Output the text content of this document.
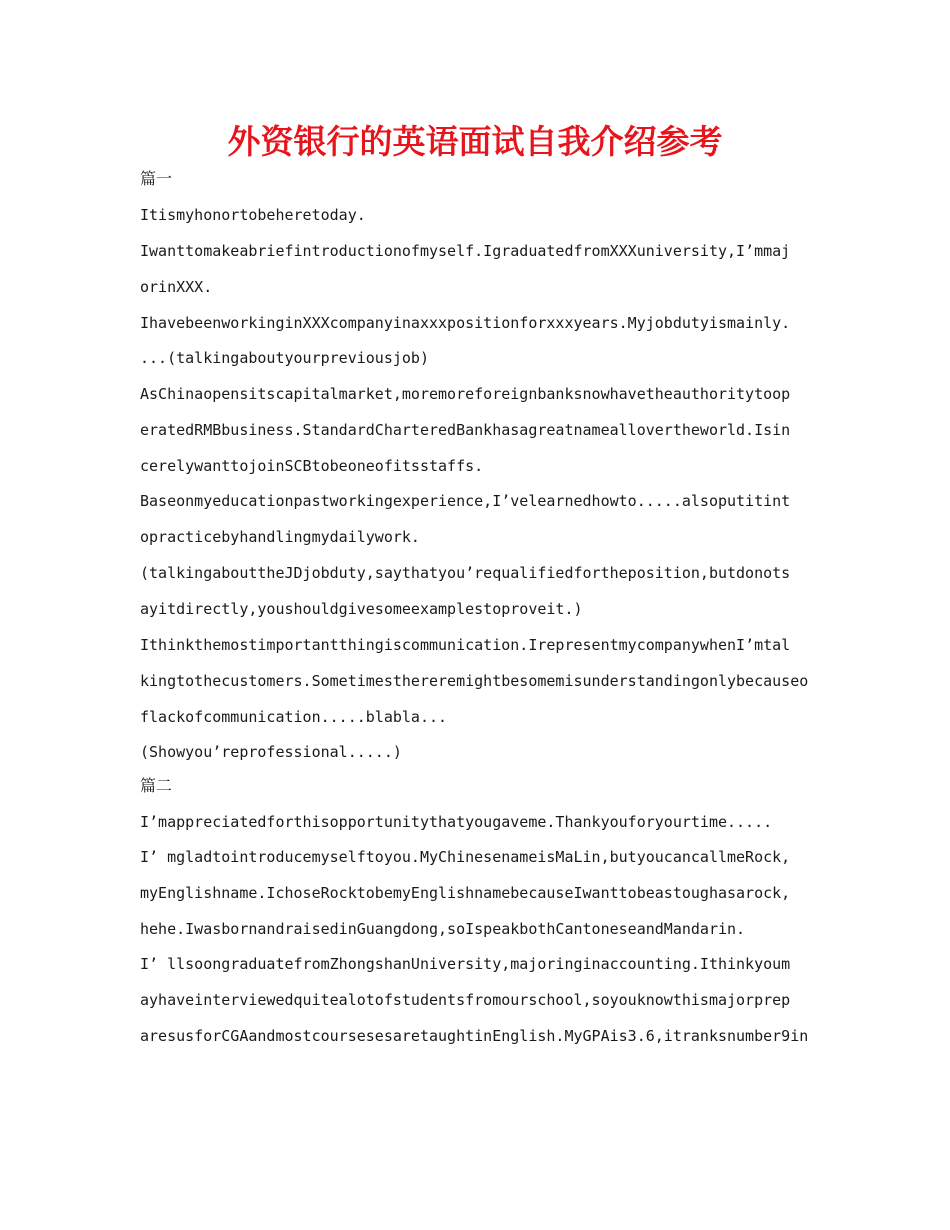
外资银行的英语面试自我介绍参考

篇一

Itismyhonortobeheretoday.

Iwanttomakeabriefintroductionofmyself.IgraduatedfromXXXuniversity,I’mmaj

orinXXX.

IhavebeenworkinginXXXcompanyinaxxxpositionforxxxyears.Myjobdutyismainly.

...(talkingaboutyourpreviousjob)

AsChinaopensitscapitalmarket,moremoreforeignbanksnowhavetheauthoritytoop

eratedRMBbusiness.StandardCharteredBankhasagreatnameallovertheworld.Isin

cerelywanttojoinSCBtobeoneofitsstaffs.

Baseonmyeducationpastworkingexperience,I’velearnedhowto.....alsoputitint

opracticebyhandlingmydailywork.

(talkingabouttheJDjobduty,saythatyou’requalifiedfortheposition,butdonots

ayitdirectly,youshouldgivesomeexamplestoproveit.)

Ithinkthemostimportantthingiscommunication.IrepresentmycompanywhenI’mtal

kingtothecustomers.Sometimesthereremightbesomemisunderstandingonlybecauseo

flackofcommunication.....blabla...

(Showyou’reprofessional.....)

篇二

I’mappreciatedforthisopportunitythatyougaveme.Thankyouforyourtime.....

I’ mgladtointroducemyselftoyou.MyChinesenameisMaLin,butyoucancallmeRock,

myEnglishname.IchoseRocktobemyEnglishnamebecauseIwanttobeastoughasarock,

hehe.IwasbornandraisedinGuangdong,soIspeakbothCantoneseandMandarin.

I’ llsoongraduatefromZhongshanUniversity,majoringinaccounting.Ithinkyoum

ayhaveinterviewedquitealotofstudentsfromourschool,soyouknowthismajorprep

aresusforCGAandmostcoursesesaretaughtinEnglish.MyGPAis3.6,itranksnumber9in
